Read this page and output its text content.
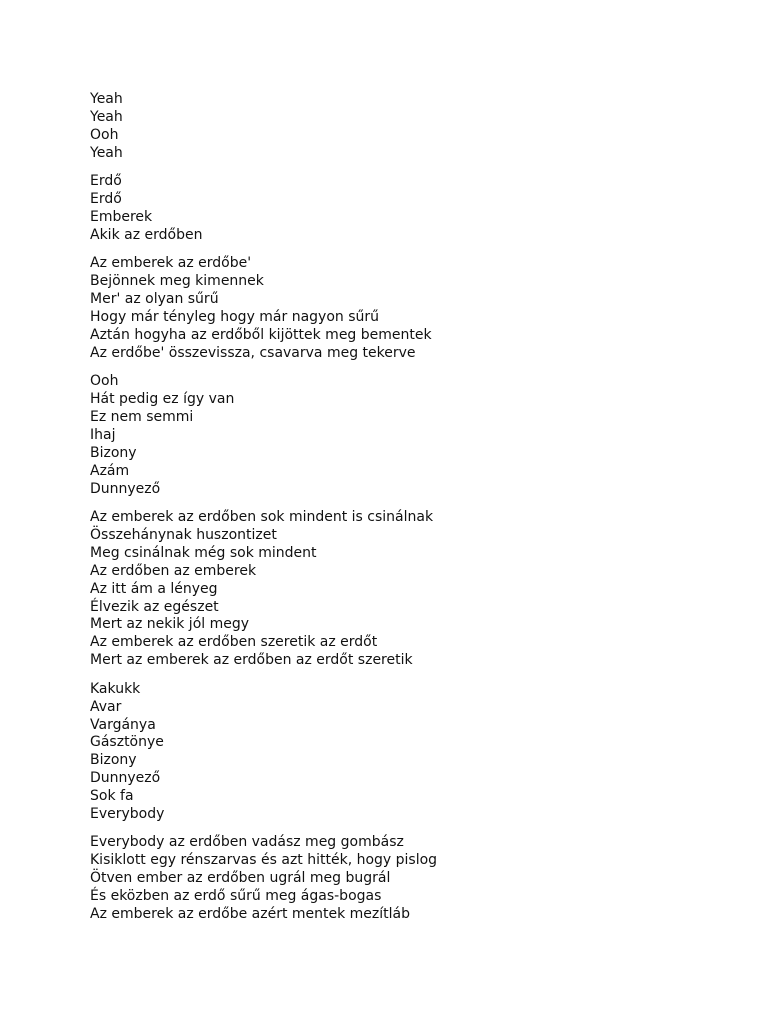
Yeah
Yeah
Ooh
Yeah
Erdő
Erdő
Emberek
Akik az erdőben
Az emberek az erdőbe'
Bejönnek meg kimennek
Mer' az olyan sűrű
Hogy már tényleg hogy már nagyon sűrű
Aztán hogyha az erdőből kijöttek meg bementek
Az erdőbe' összevissza, csavarva meg tekerve
Ooh
Hát pedig ez így van
Ez nem semmi
Ihaj
Bizony
Azám
Dunnyező
Az emberek az erdőben sok mindent is csinálnak
Összehánynak huszontizet
Meg csinálnak még sok mindent
Az erdőben az emberek
Az itt ám a lényeg
Élvezik az egészet
Mert az nekik jól megy
Az emberek az erdőben szeretik az erdőt
Mert az emberek az erdőben az erdőt szeretik
Kakukk
Avar
Vargánya
Gásztönye
Bizony
Dunnyező
Sok fa
Everybody
Everybody az erdőben vadász meg gombász
Kisiklott egy rénszarvas és azt hitték, hogy pislog
Ötven ember az erdőben ugrál meg bugrál
És eközben az erdő sűrű meg ágas-bogas
Az emberek az erdőbe azért mentek mezítláb
